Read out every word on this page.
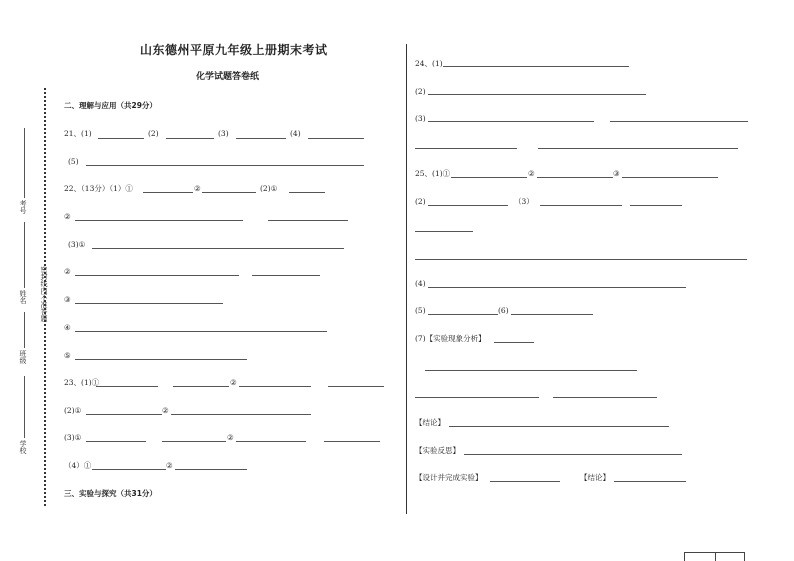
山东德州平原九年级上册期末考试
化学试题答卷纸
考号
姓名
班级
学校
密封线内不准答题
二、理解与应用（共29分）
21、(1)	(2)	(3)	(4)
(5)
22、（13分）（1）①	②	(2)①
②
(3)①
②
③
④
⑤
23、(1)①	②
(2)①	②
(3)①	②
（4）①	②
三、实验与探究（共31分）
24、(1)
(2)
(3)
25、(1)①	②	③
(2)	（3）
(4)
(5)	(6)
(7)【实验现象分析】
【结论】
【实验反思】
【设计并完成实验】	【结论】
